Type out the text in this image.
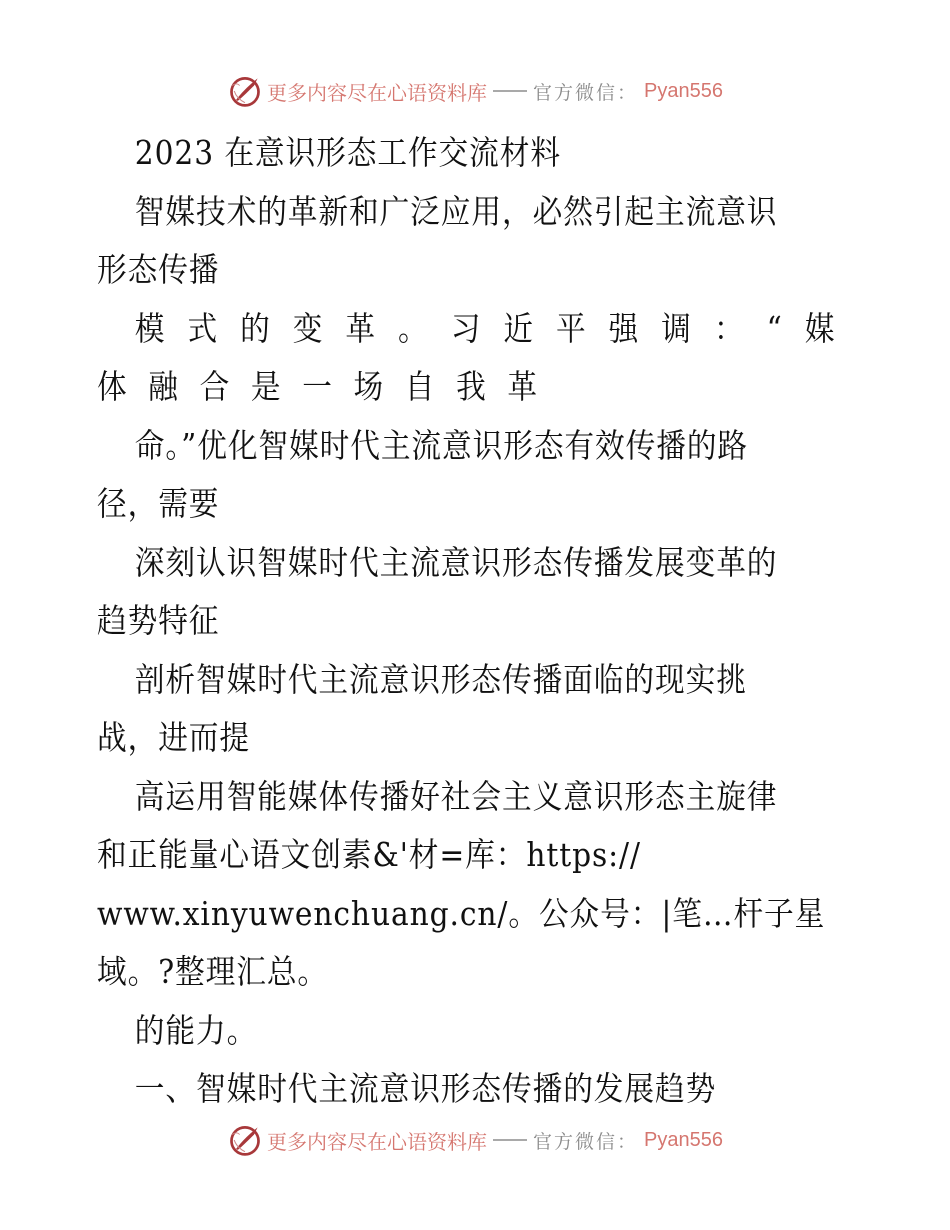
更多内容尽在心语资料库 官方微信： Pyan556
2023 在意识形态工作交流材料
智媒技术的革新和广泛应用，必然引起主流意识
形态传播
模式的变革。习近平强调：“媒
体融合是一场自我革
命。”优化智媒时代主流意识形态有效传播的路
径，需要
深刻认识智媒时代主流意识形态传播发展变革的
趋势特征
剖析智媒时代主流意识形态传播面临的现实挑
战，进而提
高运用智能媒体传播好社会主义意识形态主旋律
和正能量心语文创素&'材=库：https://
www.xinyuwenchuang.cn/。公众号：|笔…杆子星
域。?整理汇总。
的能力。
一、智媒时代主流意识形态传播的发展趋势
更多内容尽在心语资料库 官方微信： Pyan556
